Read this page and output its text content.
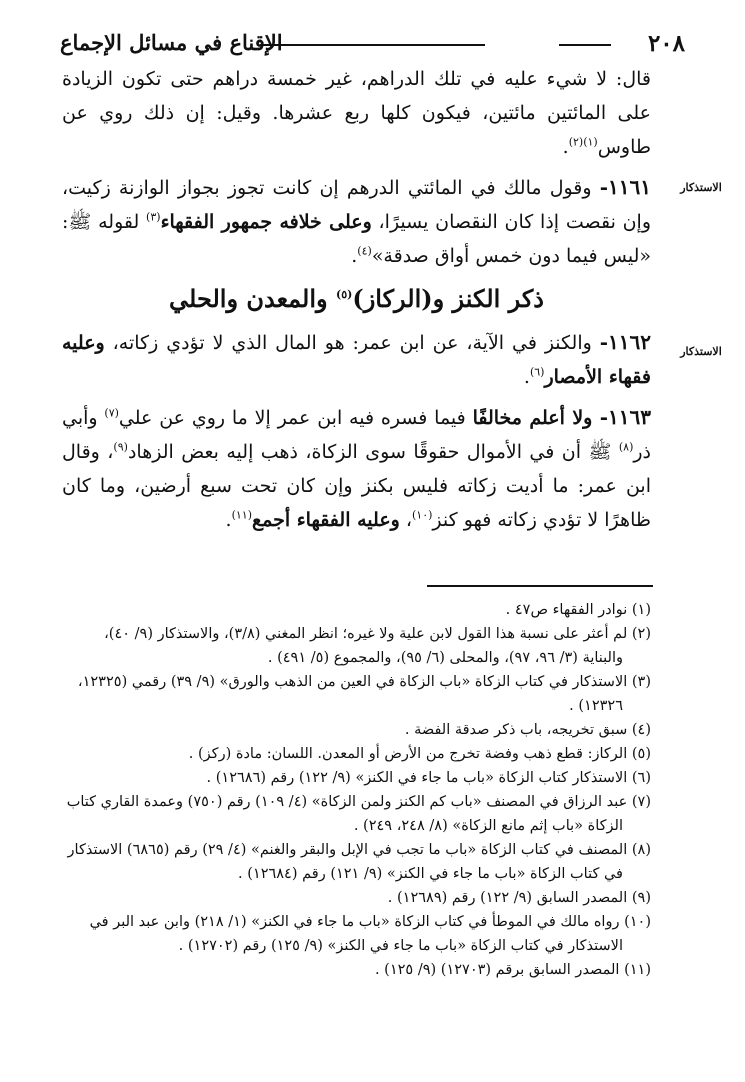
٢٠٨
الإقناع في مسائل الإجماع
الاستذكار
الاستذكار

قال: لا شيء عليه في تلك الدراهم، غير خمسة دراهم حتى تكون الزيادة على المائتين مائتين، فيكون كلها ربع عشرها. وقيل: إن ذلك روي عن طاوس$^{(١)(٢)}$.

١١٦١- وقول مالك في المائتي الدرهم إن كانت تجوز بجواز الوازنة زكيت، وإن نقصت إذا كان النقصان يسيرًا، وعلى خلافه جمهور الفقهاء$^{(٣)}$ لقوله ﷺ: «ليس فيما دون خمس أواق صدقة»$^{(٤)}$.

ذكر الكنز و(الركاز)$^{(٥)}$ والمعدن والحلي

١١٦٢- والكنز في الآية، عن ابن عمر: هو المال الذي لا تؤدي زكاته، وعليه فقهاء الأمصار$^{(٦)}$.

١١٦٣- ولا أعلم مخالفًا فيما فسره فيه ابن عمر إلا ما روي عن علي$^{(٧)}$ وأبي ذر$^{(٨)}$ ﷺ أن في الأموال حقوقًا سوى الزكاة، ذهب إليه بعض الزهاد$^{(٩)}$، وقال ابن عمر: ما أديت زكاته فليس بكنز وإن كان تحت سبع أرضين، وما كان ظاهرًا لا تؤدي زكاته فهو كنز$^{(١٠)}$، وعليه الفقهاء أجمع$^{(١١)}$.

(١) نوادر الفقهاء ص٤٧ .

(٢) لم أعثر على نسبة هذا القول لابن علية ولا غيره؛ انظر المغني (٣/٨)، والاستذكار (٩/ ٤٠)، والبناية (٣/ ٩٦، ٩٧)، والمحلى (٦/ ٩٥)، والمجموع (٥/ ٤٩١) .

(٣) الاستذكار في كتاب الزكاة «باب الزكاة في العين من الذهب والورق» (٩/ ٣٩) رقمي (١٢٣٢٥، ١٢٣٢٦) .

(٤) سبق تخريجه، باب ذكر صدقة الفضة .

(٥) الركاز: قطع ذهب وفضة تخرج من الأرض أو المعدن. اللسان: مادة (ركز) .

(٦) الاستذكار كتاب الزكاة «باب ما جاء في الكنز» (٩/ ١٢٢) رقم (١٢٦٨٦) .

(٧) عبد الرزاق في المصنف «باب كم الكنز ولمن الزكاة» (٤/ ١٠٩) رقم (٧٥٠) وعمدة القاري كتاب الزكاة «باب إثم مانع الزكاة» (٨/ ٢٤٨، ٢٤٩) .

(٨) المصنف في كتاب الزكاة «باب ما تجب في الإبل والبقر والغنم» (٤/ ٢٩) رقم (٦٨٦٥) الاستذكار في كتاب الزكاة «باب ما جاء في الكنز» (٩/ ١٢١) رقم (١٢٦٨٤) .

(٩) المصدر السابق (٩/ ١٢٢) رقم (١٢٦٨٩) .

(١٠) رواه مالك في الموطأ في كتاب الزكاة «باب ما جاء في الكنز» (١/ ٢١٨) وابن عبد البر في الاستذكار في كتاب الزكاة «باب ما جاء في الكنز» (٩/ ١٢٥) رقم (١٢٧٠٢) .

(١١) المصدر السابق برقم (١٢٧٠٣) (٩/ ١٢٥) .
